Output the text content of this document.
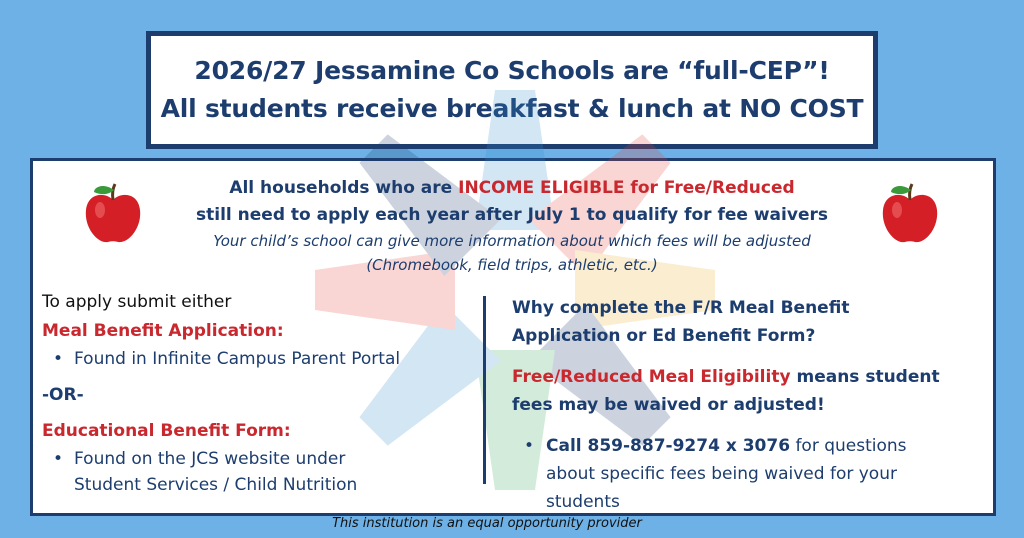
2026/27 Jessamine Co Schools are “full-CEP”!
All students receive breakfast & lunch at NO COST
All households who are INCOME ELIGIBLE for Free/Reduced
still need to apply each year after July 1 to qualify for fee waivers
Your child’s school can give more information about which fees will be adjusted
(Chromebook, field trips, athletic, etc.)
To apply submit either
Meal Benefit Application:
• Found in Infinite Campus Parent Portal
-OR-
Educational Benefit Form:
• Found on the JCS website under
Student Services / Child Nutrition
Why complete the F/R Meal Benefit
Application or Ed Benefit Form?
Free/Reduced Meal Eligibility means student
fees may be waived or adjusted!
• Call 859-887-9274 x 3076 for questions
about specific fees being waived for your
students
This institution is an equal opportunity provider
